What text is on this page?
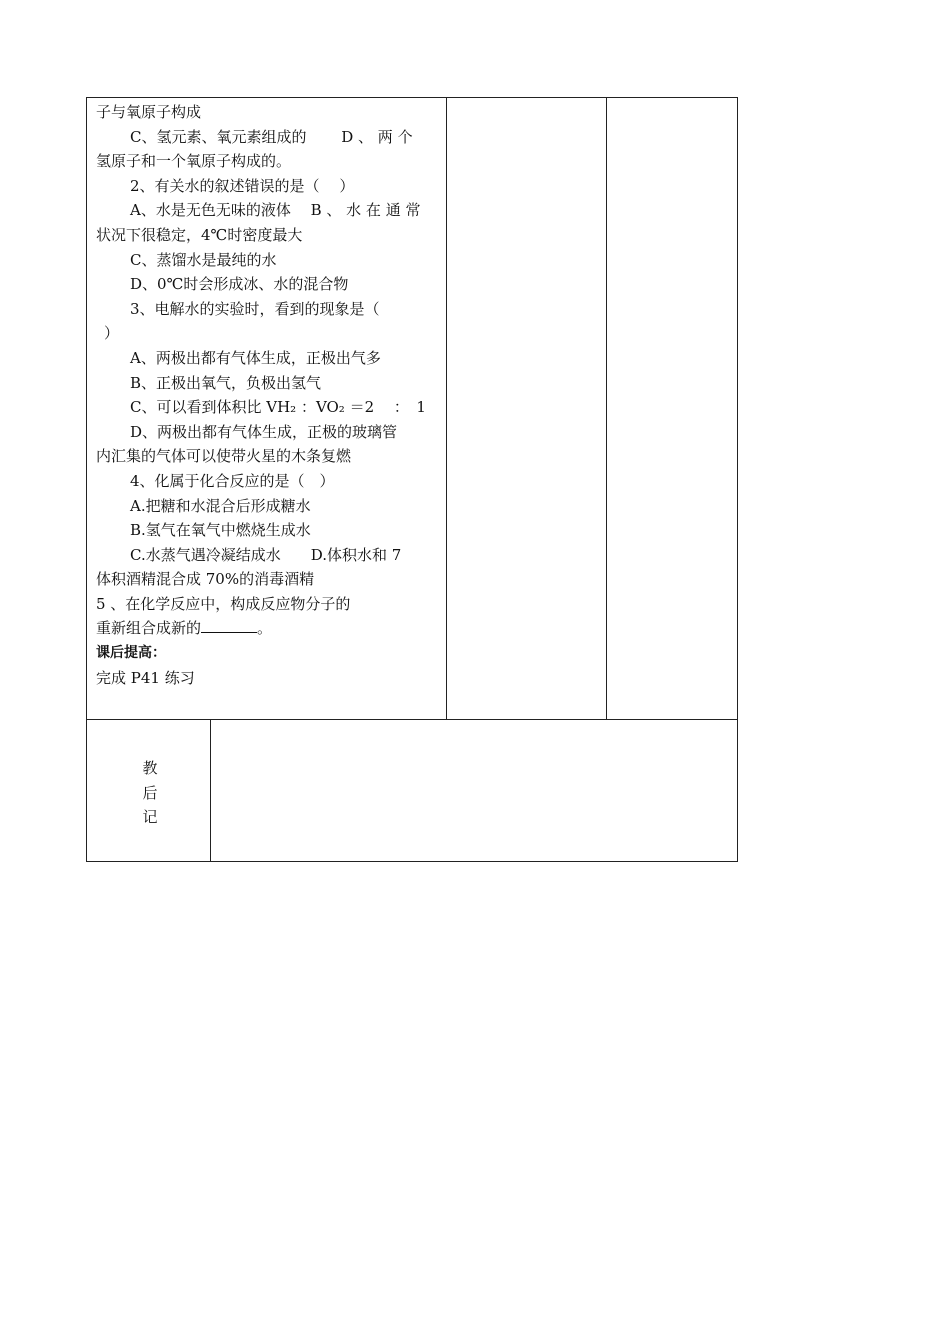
子与氧原子构成
C、氢元素、氧元素组成的　　 D 、 两 个
氢原子和一个氧原子构成的。
2、有关水的叙述错误的是（　 ）
A、水是无色无味的液体　 B 、 水 在 通 常
状况下很稳定，4℃时密度最大
C、蒸馏水是最纯的水
D、0℃时会形成冰、水的混合物
3、电解水的实验时，看到的现象是（
）
A、两极出都有气体生成，正极出气多
B、正极出氧气，负极出氢气
C、可以看到体积比 VH₂ ：VO₂ ＝2　 ：　1
D、两极出都有气体生成，正极的玻璃管
内汇集的气体可以使带火星的木条复燃
4、化属于化合反应的是（　）
A.把糖和水混合后形成糖水
B.氢气在氧气中燃烧生成水
C.水蒸气遇冷凝结成水　　D.体积水和 7
体积酒精混合成 70%的消毒酒精
5 、在化学反应中，构成反应物分子的
重新组合成新的	。
课后提高：
完成 P41 练习
教
后
记
